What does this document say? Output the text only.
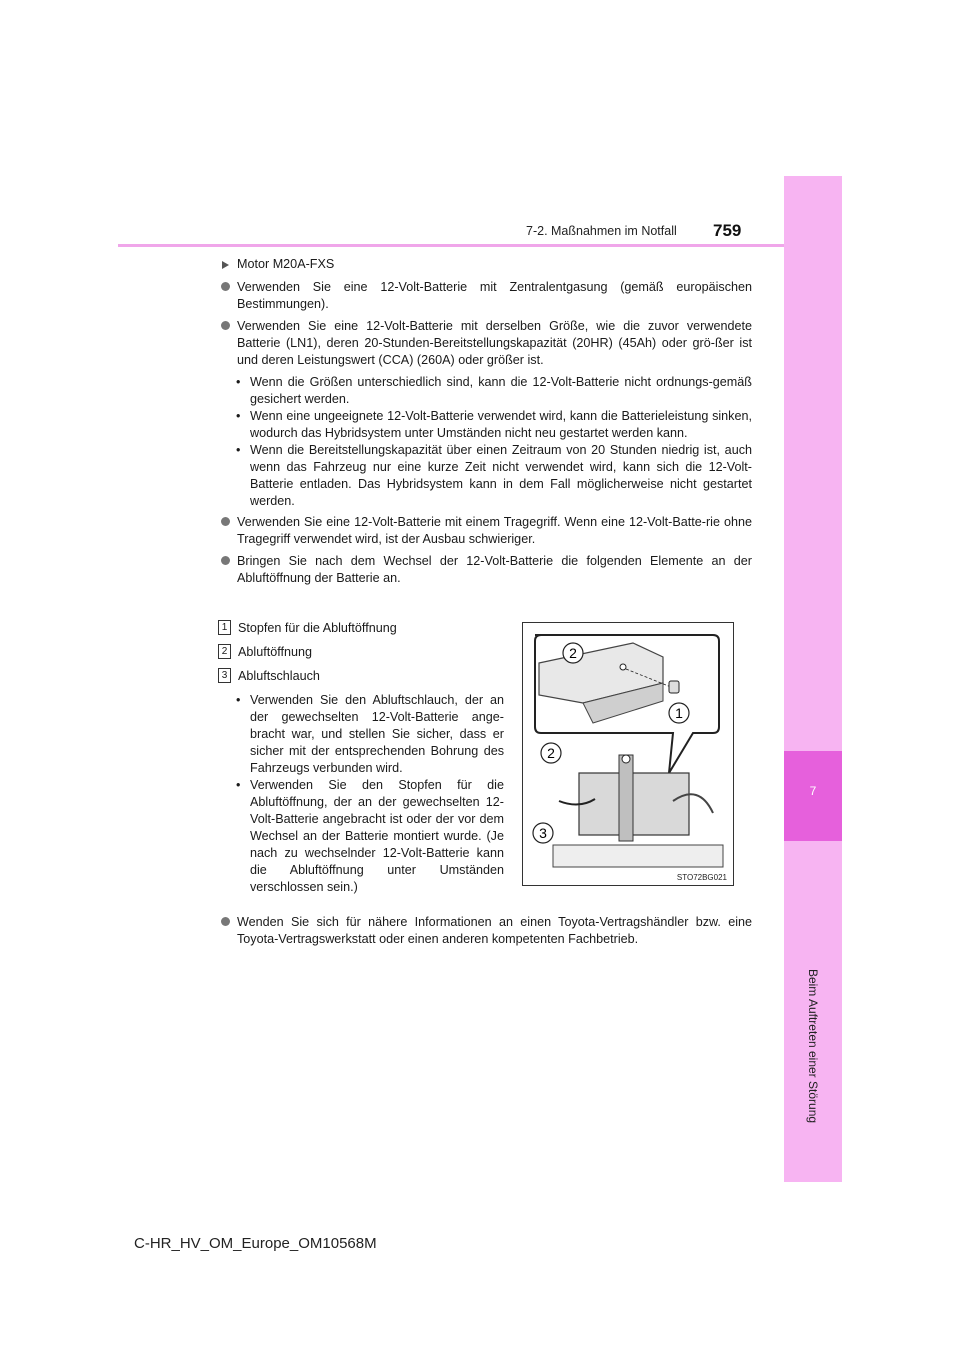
7
Beim Auftreten einer Störung
7-2. Maßnahmen im Notfall 759
Motor M20A-FXS
Verwenden Sie eine 12-Volt-Batterie mit Zentralentgasung (gemäß europäischen Bestimmungen).
Verwenden Sie eine 12-Volt-Batterie mit derselben Größe, wie die zuvor verwendete Batterie (LN1), deren 20-Stunden-Bereitstellungskapazität (20HR) (45Ah) oder grö-ßer ist und deren Leistungswert (CCA) (260A) oder größer ist.
• Wenn die Größen unterschiedlich sind, kann die 12-Volt-Batterie nicht ordnungs-gemäß gesichert werden.
• Wenn eine ungeeignete 12-Volt-Batterie verwendet wird, kann die Batterieleistung sinken, wodurch das Hybridsystem unter Umständen nicht neu gestartet werden kann.
• Wenn die Bereitstellungskapazität über einen Zeitraum von 20 Stunden niedrig ist, auch wenn das Fahrzeug nur eine kurze Zeit nicht verwendet wird, kann sich die 12-Volt-Batterie entladen. Das Hybridsystem kann in dem Fall möglicherweise nicht gestartet werden.
Verwenden Sie eine 12-Volt-Batterie mit einem Tragegriff. Wenn eine 12-Volt-Batte-rie ohne Tragegriff verwendet wird, ist der Ausbau schwieriger.
Bringen Sie nach dem Wechsel der 12-Volt-Batterie die folgenden Elemente an der Abluftöffnung der Batterie an.
1 Stopfen für die Abluftöffnung
2 Abluftöffnung
3 Abluftschlauch
• Verwenden Sie den Abluftschlauch, der an der gewechselten 12-Volt-Batterie ange-bracht war, und stellen Sie sicher, dass er sicher mit der entsprechenden Bohrung des Fahrzeugs verbunden wird.
• Verwenden Sie den Stopfen für die Abluftöffnung, der an der gewechselten 12-Volt-Batterie angebracht ist oder der vor dem Wechsel an der Batterie montiert wurde. (Je nach zu wechselnder 12-Volt-Batterie kann die Abluftöffnung unter Umständen verschlossen sein.)
2
1
2
3
STO72BG021
Wenden Sie sich für nähere Informationen an einen Toyota-Vertragshändler bzw. eine Toyota-Vertragswerkstatt oder einen anderen kompetenten Fachbetrieb.
C-HR_HV_OM_Europe_OM10568M
